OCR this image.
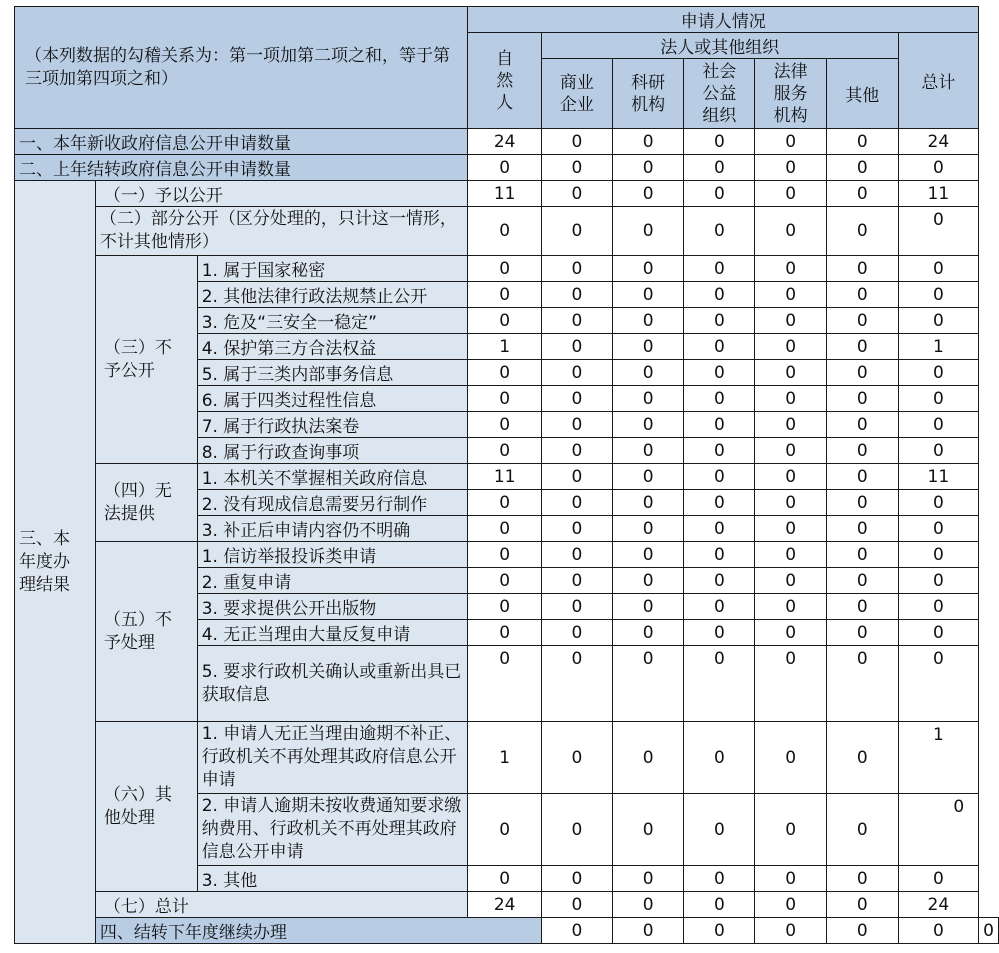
（本列数据的勾稽关系为：第一项加第二项之和，等于第三项加第四项之和）			申请人情况							

			自然人	法人或其他组织					总计	

				商业企业	科研机构	社会公益组织	法律服务机构	其他		
一、本年新收政府信息公开申请数量			24	0	0	0	0	0	24	
二、上年结转政府信息公开申请数量			0	0	0	0	0	0	0	

三、本年度办理结果	（一）予以公开		11	0	0	0	0	0	11	
	（二）部分公开（区分处理的，只计这一情形，不计其他情形）		0	0	0	0	0	0	0	
	（三）不予公开	1. 属于国家秘密	0	0	0	0	0	0	0	
		2. 其他法律行政法规禁止公开	0	0	0	0	0	0	0	
		3. 危及“三安全一稳定”	0	0	0	0	0	0	0	
		4. 保护第三方合法权益	1	0	0	0	0	0	1	
		5. 属于三类内部事务信息	0	0	0	0	0	0	0	
		6. 属于四类过程性信息	0	0	0	0	0	0	0	
		7. 属于行政执法案卷	0	0	0	0	0	0	0	
		8. 属于行政查询事项	0	0	0	0	0	0	0	
	（四）无法提供	1. 本机关不掌握相关政府信息	11	0	0	0	0	0	11	
		2. 没有现成信息需要另行制作	0	0	0	0	0	0	0	
		3. 补正后申请内容仍不明确	0	0	0	0	0	0	0	
	（五）不予处理	1. 信访举报投诉类申请	0	0	0	0	0	0	0	
		2. 重复申请	0	0	0	0	0	0	0	
		3. 要求提供公开出版物	0	0	0	0	0	0	0	
		4. 无正当理由大量反复申请	0	0	0	0	0	0	0	
		5. 要求行政机关确认或重新出具已获取信息	0	0	0	0	0	0	0	
	（六）其他处理	1. 申请人无正当理由逾期不补正、行政机关不再处理其政府信息公开申请	1	0	0	0	0	0	1	
		2. 申请人逾期未按收费通知要求缴纳费用、行政机关不再处理其政府信息公开申请	0	0	0	0	0	0	0	
		3. 其他	0	0	0	0	0	0	0	
	（七）总计		24	0	0	0	0	0	24	
	四、结转下年度继续办理			0	0	0	0	0	0	0
